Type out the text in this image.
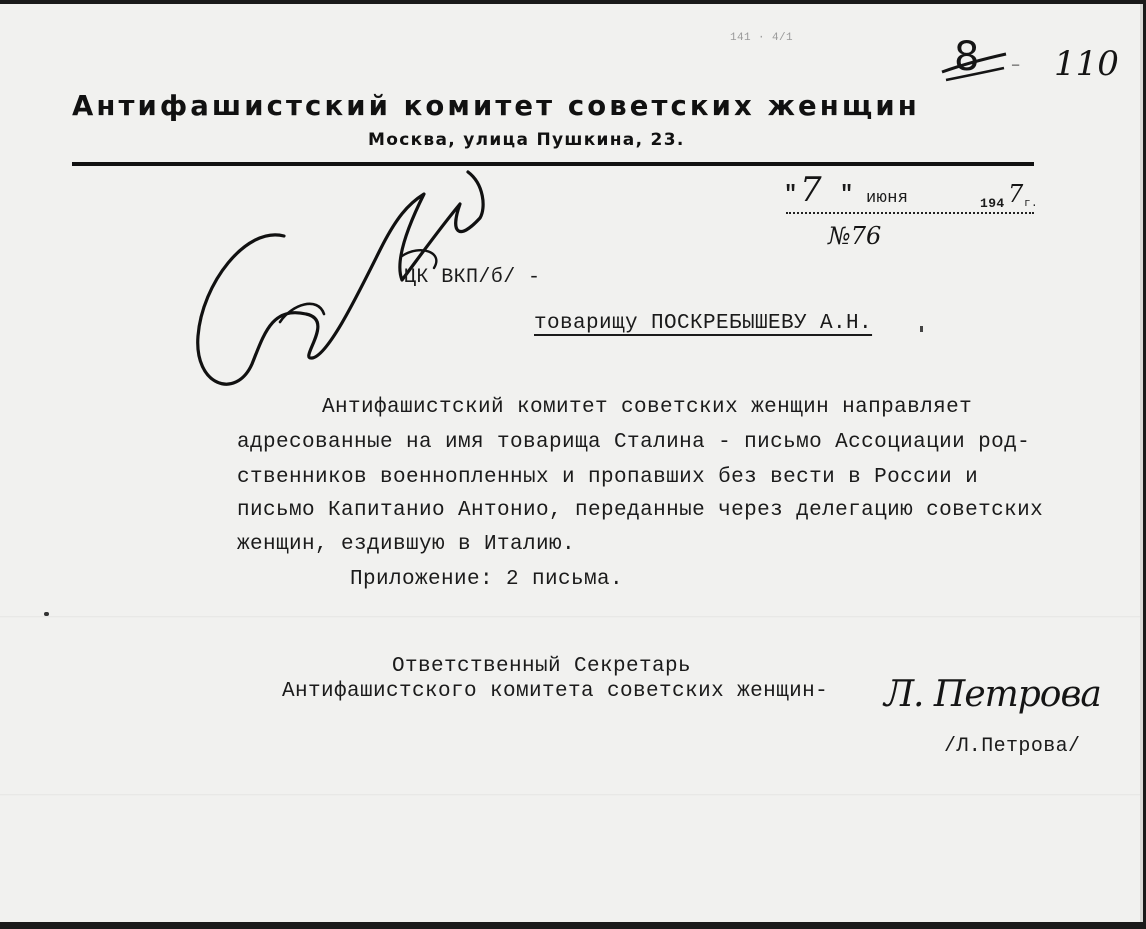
141 · 4/1	8	— 110
Антифашистский комитет советских женщин
Москва, улица Пушкина, 23.
" 7 " июня	194 7 г.
№76
ЦК ВКП/б/ -
товарищу ПОСКРЕБЫШЕВУ А.Н.
Антифашистский комитет советских женщин направляет
адресованные на имя товарища Сталина - письмо Ассоциации род-
ственников военнопленных и пропавших без вести в России и
письмо Капитанио Антонио, переданные через делегацию советских
женщин, ездившую в Италию.
Приложение: 2 письма.
Ответственный Секретарь
Антифашистского комитета советских женщин- Л. Петрова
/Л.Петрова/
